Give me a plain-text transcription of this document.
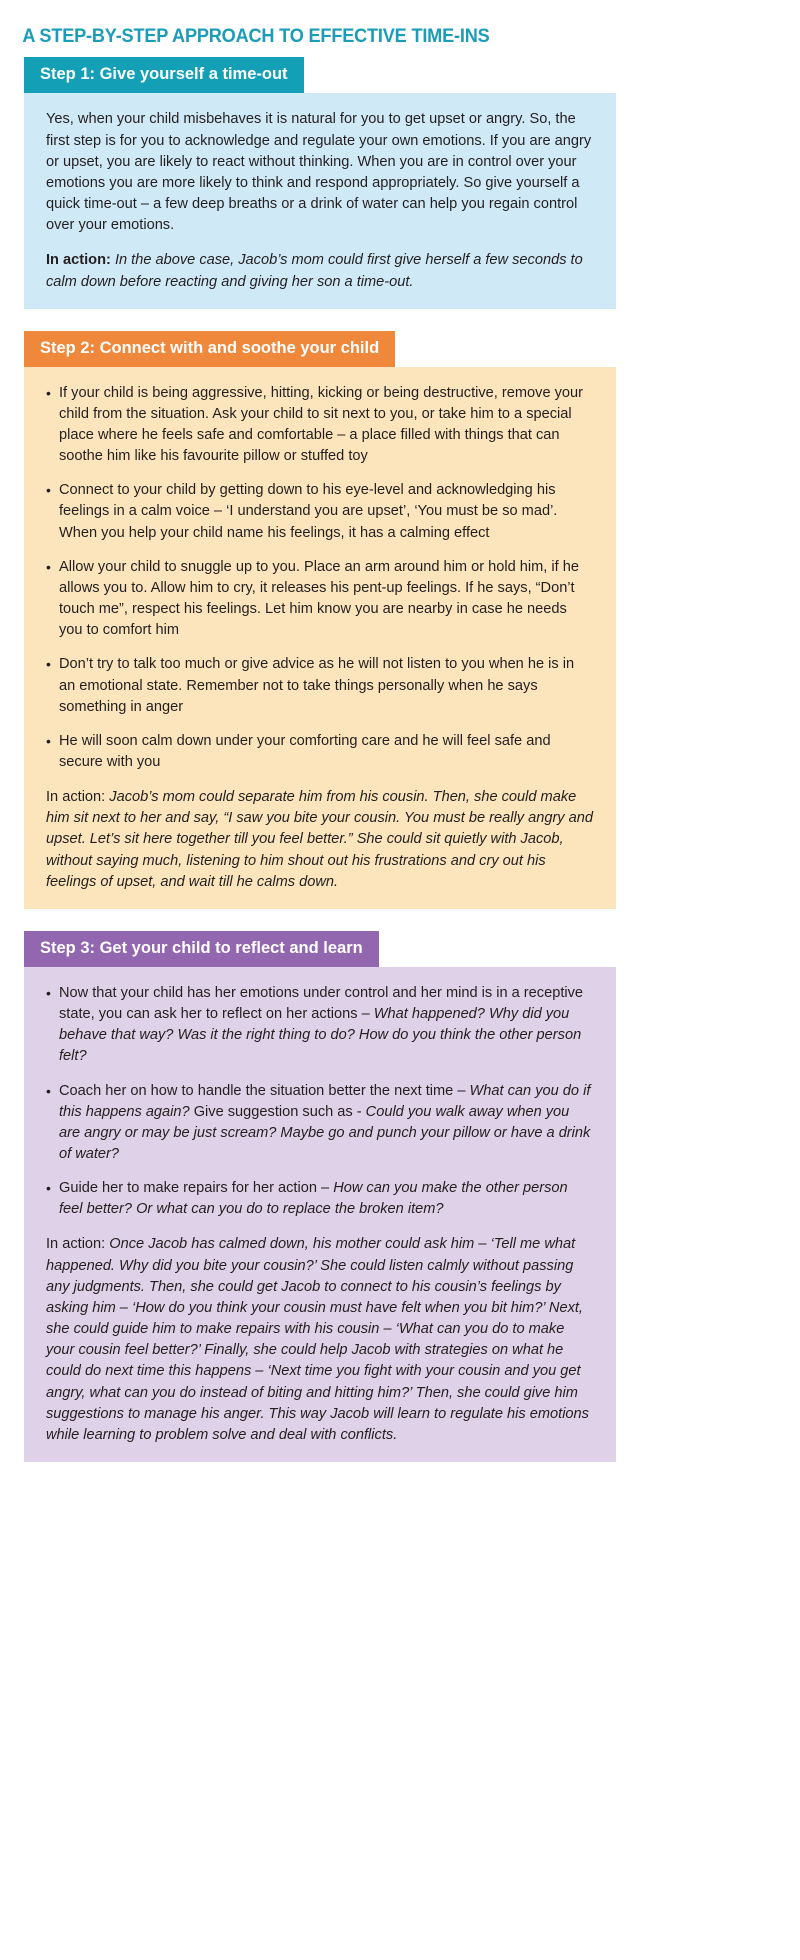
A STEP-BY-STEP APPROACH TO EFFECTIVE TIME-INS
Step 1: Give yourself a time-out

Yes, when your child misbehaves it is natural for you to get upset or angry. So, the first step is for you to acknowledge and regulate your own emotions. If you are angry or upset, you are likely to react without thinking. When you are in control over your emotions you are more likely to think and respond appropriately. So give yourself a quick time-out – a few deep breaths or a drink of water can help you regain control over your emotions.

In action: In the above case, Jacob’s mom could first give herself a few seconds to calm down before reacting and giving her son a time-out.

Step 2: Connect with and soothe your child
• If your child is being aggressive, hitting, kicking or being destructive, remove your child from the situation. Ask your child to sit next to you, or take him to a special place where he feels safe and comfortable – a place filled with things that can soothe him like his favourite pillow or stuffed toy
• Connect to your child by getting down to his eye-level and acknowledging his feelings in a calm voice – ‘I understand you are upset’, ‘You must be so mad’. When you help your child name his feelings, it has a calming effect
• Allow your child to snuggle up to you. Place an arm around him or hold him, if he allows you to. Allow him to cry, it releases his pent-up feelings. If he says, “Don’t touch me”, respect his feelings. Let him know you are nearby in case he needs you to comfort him
• Don’t try to talk too much or give advice as he will not listen to you when he is in an emotional state. Remember not to take things personally when he says something in anger
• He will soon calm down under your comforting care and he will feel safe and secure with you

In action: Jacob’s mom could separate him from his cousin. Then, she could make him sit next to her and say, “I saw you bite your cousin. You must be really angry and upset. Let’s sit here together till you feel better.” She could sit quietly with Jacob, without saying much, listening to him shout out his frustrations and cry out his feelings of upset, and wait till he calms down.

Step 3: Get your child to reflect and learn
• Now that your child has her emotions under control and her mind is in a receptive state, you can ask her to reflect on her actions – What happened? Why did you behave that way? Was it the right thing to do? How do you think the other person felt?
• Coach her on how to handle the situation better the next time – What can you do if this happens again? Give suggestion such as - Could you walk away when you are angry or may be just scream? Maybe go and punch your pillow or have a drink of water?
• Guide her to make repairs for her action – How can you make the other person feel better? Or what can you do to replace the broken item?

In action: Once Jacob has calmed down, his mother could ask him – ‘Tell me what happened. Why did you bite your cousin?’ She could listen calmly without passing any judgments. Then, she could get Jacob to connect to his cousin’s feelings by asking him – ‘How do you think your cousin must have felt when you bit him?’ Next, she could guide him to make repairs with his cousin – ‘What can you do to make your cousin feel better?’ Finally, she could help Jacob with strategies on what he could do next time this happens – ‘Next time you fight with your cousin and you get angry, what can you do instead of biting and hitting him?’ Then, she could give him suggestions to manage his anger. This way Jacob will learn to regulate his emotions while learning to problem solve and deal with conflicts.
